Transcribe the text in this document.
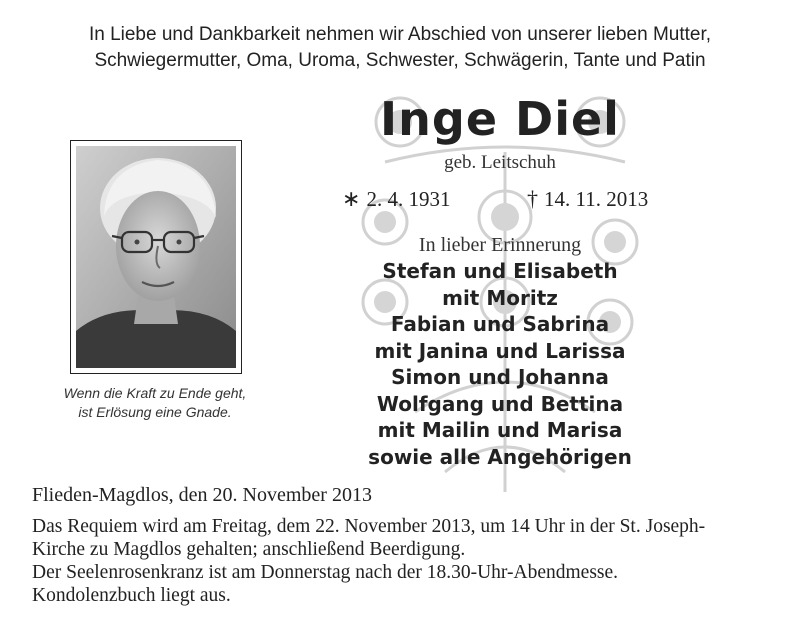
In Liebe und Dankbarkeit nehmen wir Abschied von unserer lieben Mutter,
Schwiegermutter, Oma, Uroma, Schwester, Schwägerin, Tante und Patin
Inge Diel
geb. Leitschuh
∗ 2. 4. 1931	† 14. 11. 2013
In lieber Erinnerung
Stefan und Elisabeth
mit Moritz
Fabian und Sabrina
mit Janina und Larissa
Simon und Johanna
Wolfgang und Bettina
mit Mailin und Marisa
sowie alle Angehörigen
Wenn die Kraft zu Ende geht,
ist Erlösung eine Gnade.
Flieden-Magdlos, den 20. November 2013
Das Requiem wird am Freitag, dem 22. November 2013, um 14 Uhr in der St. Joseph-
Kirche zu Magdlos gehalten; anschließend Beerdigung.
Der Seelenrosenkranz ist am Donnerstag nach der 18.30-Uhr-Abendmesse.
Kondolenzbuch liegt aus.
